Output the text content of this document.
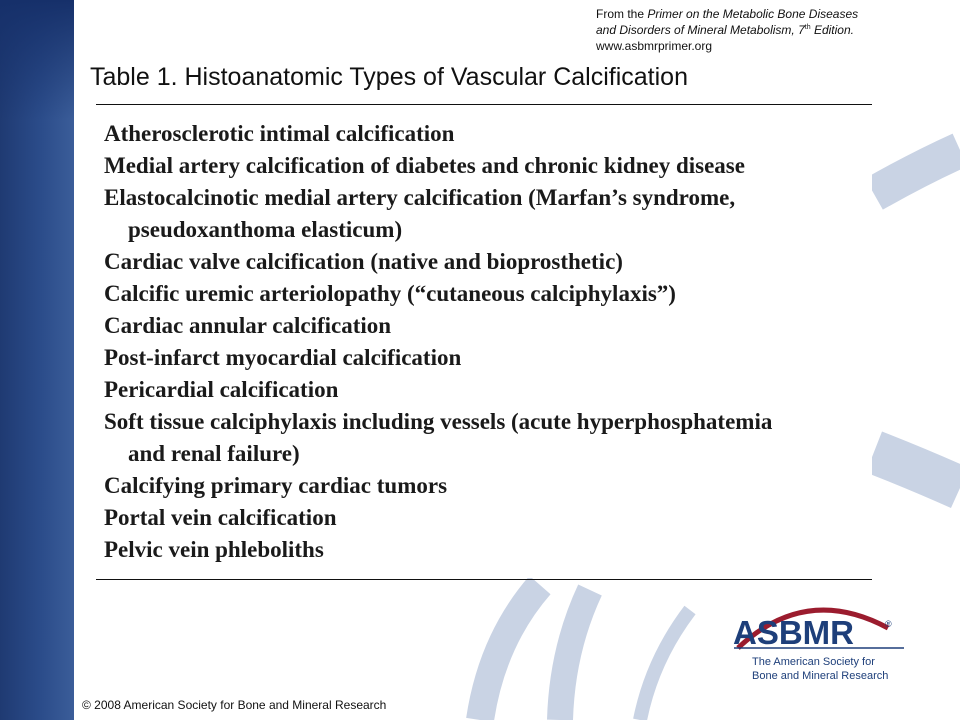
From the Primer on the Metabolic Bone Diseases
and Disorders of Mineral Metabolism, 7th Edition.
www.asbmrprimer.org
Table 1. Histoanatomic Types of Vascular Calcification
Atherosclerotic intimal calcification
Medial artery calcification of diabetes and chronic kidney disease
Elastocalcinotic medial artery calcification (Marfan’s syndrome,
pseudoxanthoma elasticum)
Cardiac valve calcification (native and bioprosthetic)
Calcific uremic arteriolopathy (“cutaneous calciphylaxis”)
Cardiac annular calcification
Post-infarct myocardial calcification
Pericardial calcification
Soft tissue calciphylaxis including vessels (acute hyperphosphatemia
and renal failure)
Calcifying primary cardiac tumors
Portal vein calcification
Pelvic vein phleboliths
ASBMR	®
The American Society for
Bone and Mineral Research
© 2008 American Society for Bone and Mineral Research
